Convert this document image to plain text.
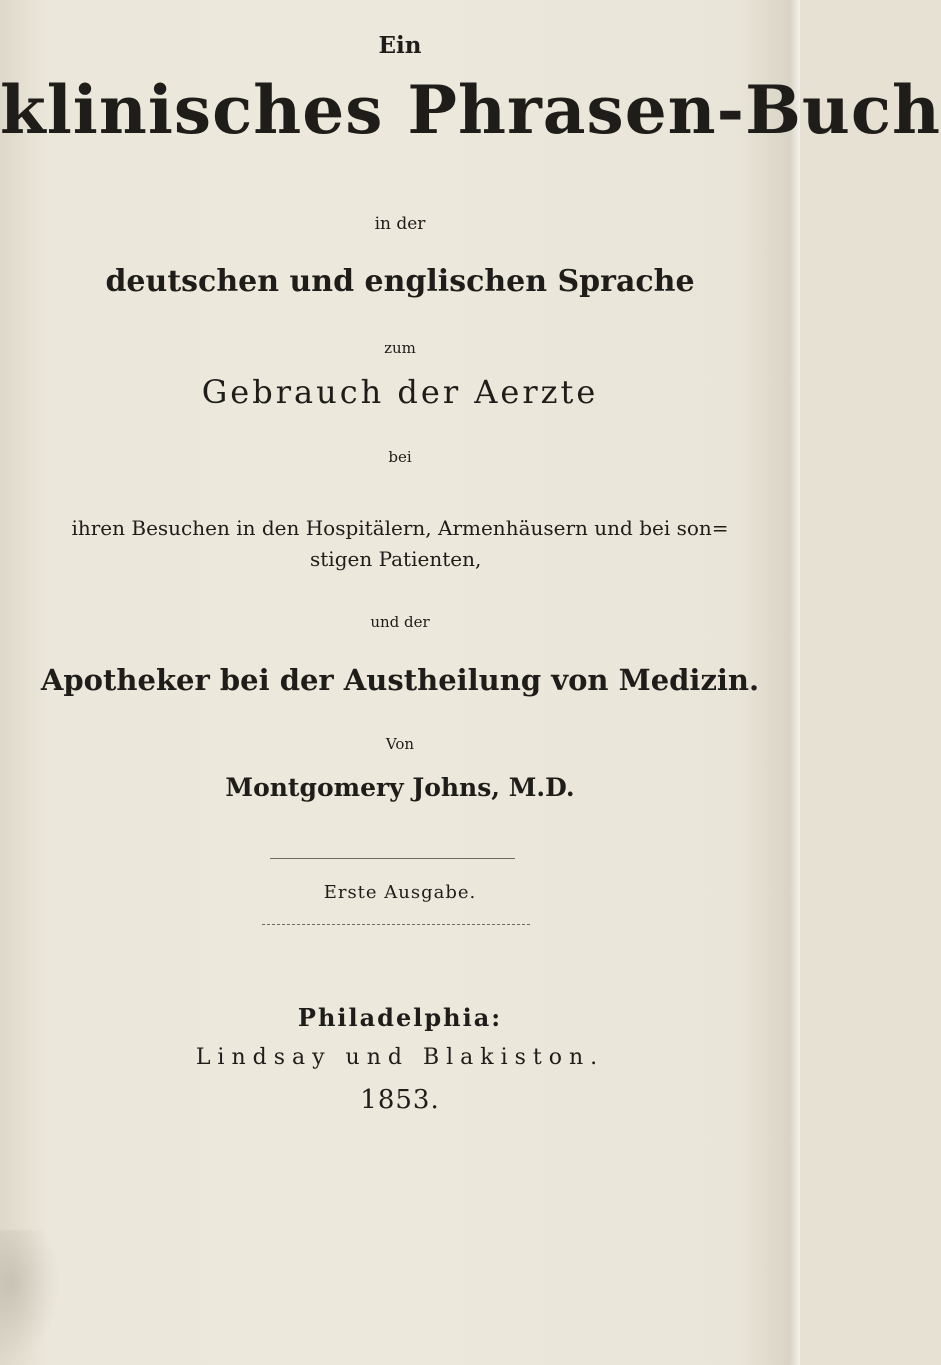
Ein
klinisches Phrasen-Buch
in der
deutschen und englischen Sprache
zum
Gebrauch der Aerzte
bei
ihren Besuchen in den Hospitälern, Armenhäusern und bei son=
stigen Patienten,
und der
Apotheker bei der Austheilung von Medizin.
Von
Montgomery Johns, M.D.
Erste Ausgabe.
Philadelphia:
Lindsay und Blakiston.
1853.
